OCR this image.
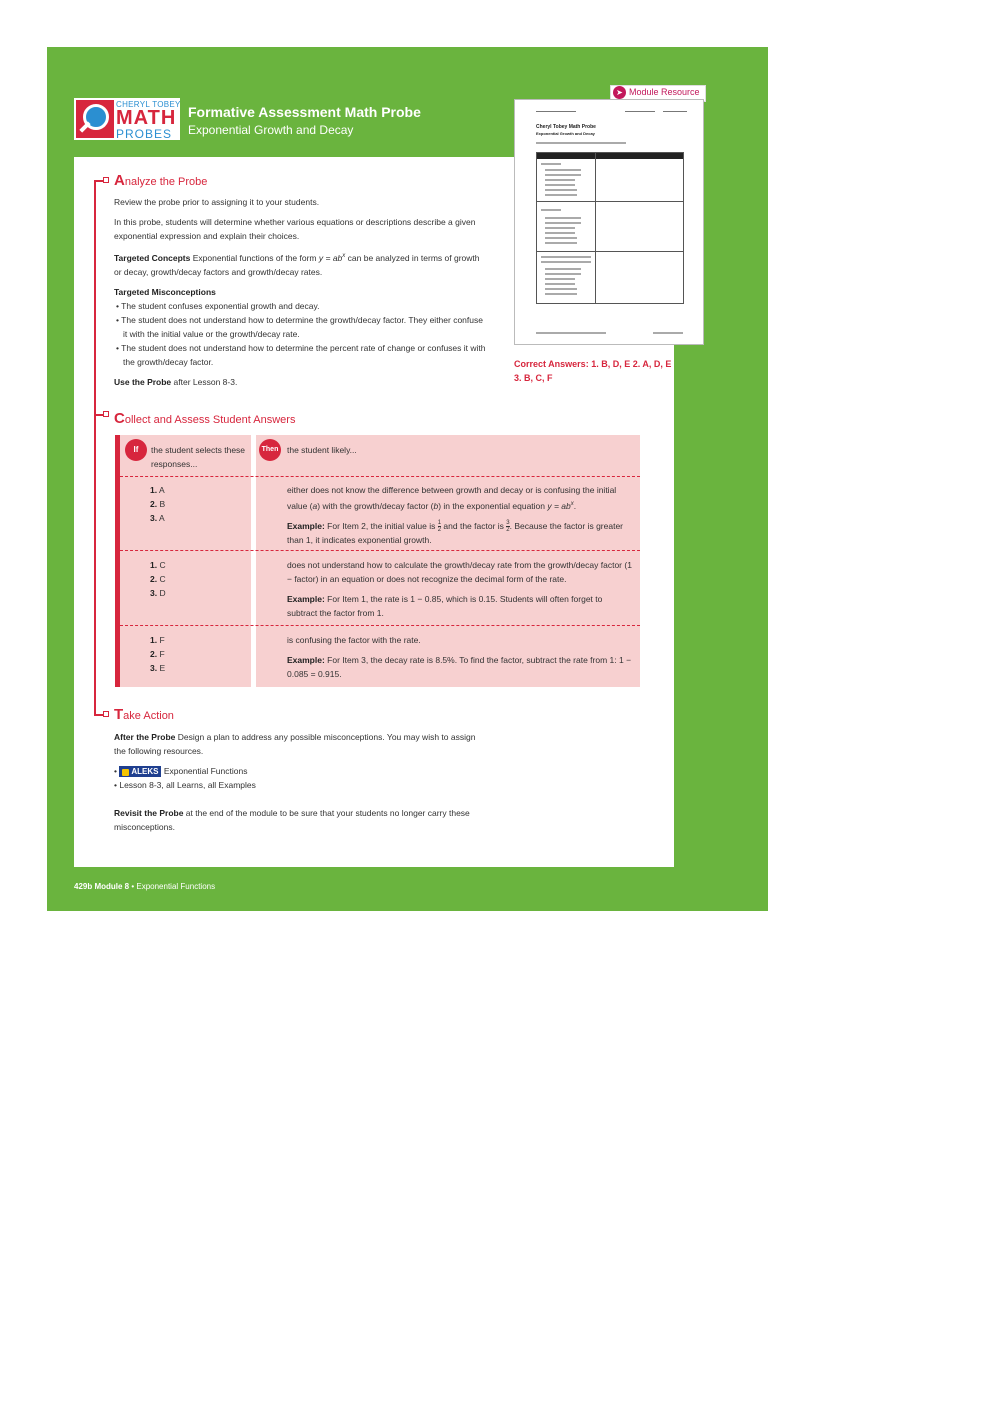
CHERYL TOBEY
MATH
PROBES
Formative Assessment Math Probe
Exponential Growth and Decay
➤ Module Resource
Cheryl Tobey Math Probe
Exponential Growth and Decay
Correct Answers: 1. B, D, E 2. A, D, E 3. B, C, F
Analyze the Probe

Review the probe prior to assigning it to your students.

In this probe, students will determine whether various equations or descriptions describe a given exponential expression and explain their choices.

Targeted Concepts Exponential functions of the form $y = ab^x$ can be analyzed in terms of growth or decay, growth/decay factors and growth/decay rates.

Targeted Misconceptions

• The student confuses exponential growth and decay.

• The student does not understand how to determine the growth/decay factor. They either confuse it with the initial value or the growth/decay rate.

• The student does not understand how to determine the percent rate of change or confuses it with the growth/decay factor.

Use the Probe after Lesson 8-3.

Collect and Assess Student Answers
If	Then
the student selects these responses...
the student likely...
1. A
2. B
3. A

either does not know the difference between growth and decay or is confusing the initial value (a) with the growth/decay factor (b) in the exponential equation $y = ab^x$.

Example: For Item 2, the initial value is $\frac{1}{2}$ and the factor is $\frac{3}{2}$ . Because the factor is greater than 1, it indicates exponential growth.

1. C
2. C
3. D

does not understand how to calculate the growth/decay rate from the growth/decay factor (1 − factor) in an equation or does not recognize the decimal form of the rate.

Example: For Item 1, the rate is 1 − 0.85, which is 0.15. Students will often forget to subtract the factor from 1.

1. F
2. F
3. E

is confusing the factor with the rate.

Example: For Item 3, the decay rate is 8.5%. To find the factor, subtract the rate from 1: 1 − 0.085 = 0.915.

Take Action

After the Probe Design a plan to address any possible misconceptions. You may wish to assign the following resources.

• ALEKS Exponential Functions

• Lesson 8-3, all Learns, all Examples

Revisit the Probe at the end of the module to be sure that your students no longer carry these misconceptions.

429b Module 8 • Exponential Functions
